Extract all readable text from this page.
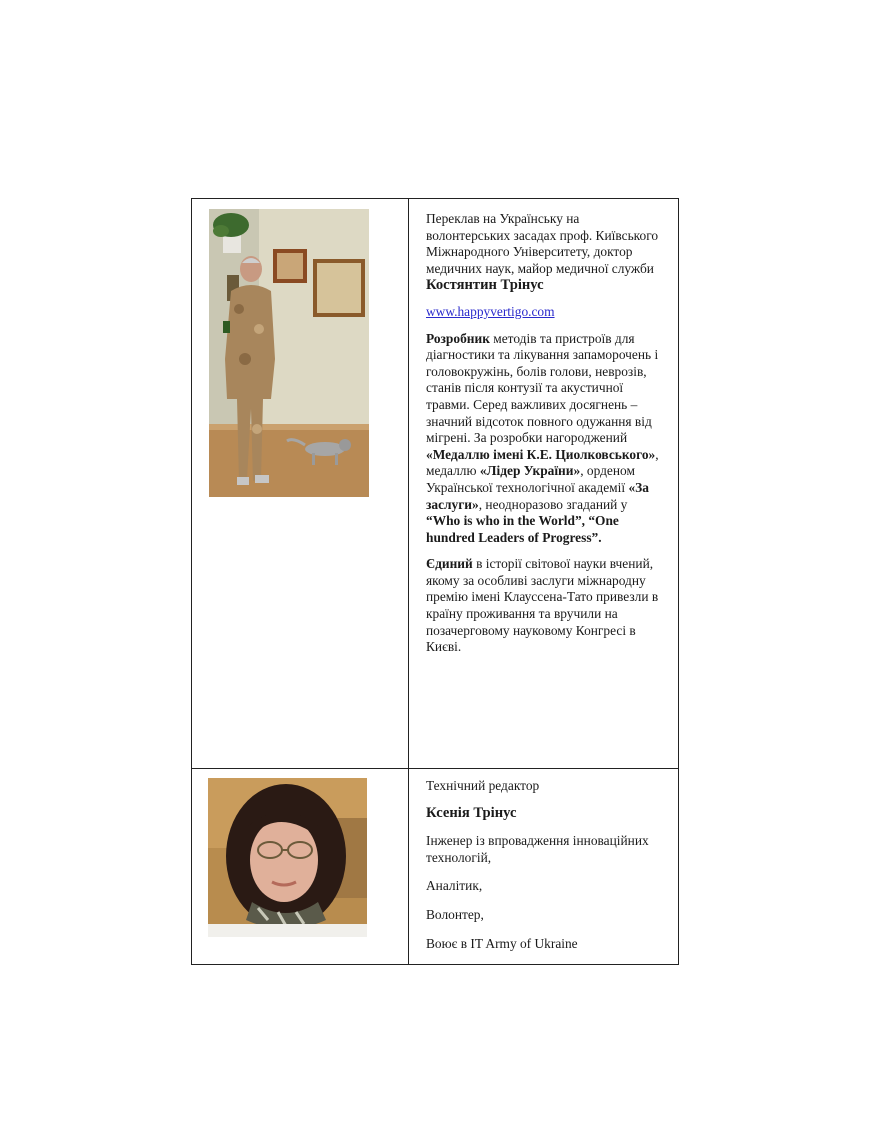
Переклав на Українську на волонтерських засадах проф. Київського Міжнародного Університету, доктор медичних наук, майор медичної служби

Костянтин Трінус

www.happyvertigo.com

Розробник методів та пристроїв для діагностики та лікування запаморочень і головокружінь, болів голови, неврозів, станів після контузії та акустичної травми. Серед важливих досягнень – значний відсоток повного одужання від мігрені. За розробки нагороджений «Медаллю імені К.Е. Циолковського», медаллю «Лідер України», орденом Української технологічної академії «За заслуги», неодноразово згаданий у “Who is who in the World”, “One hundred Leaders of Progress”.

Єдиний в історії світової науки вчений, якому за особливі заслуги міжнародну премію імені Клауссена-Тато привезли в країну проживання та вручили на позачерговому науковому Конгресі в Києві.

Технічний редактор

Ксенія Трінус

Інженер із впровадження інноваційних технологій,

Аналітик,

Волонтер,

Воює в IT Army of Ukraine
